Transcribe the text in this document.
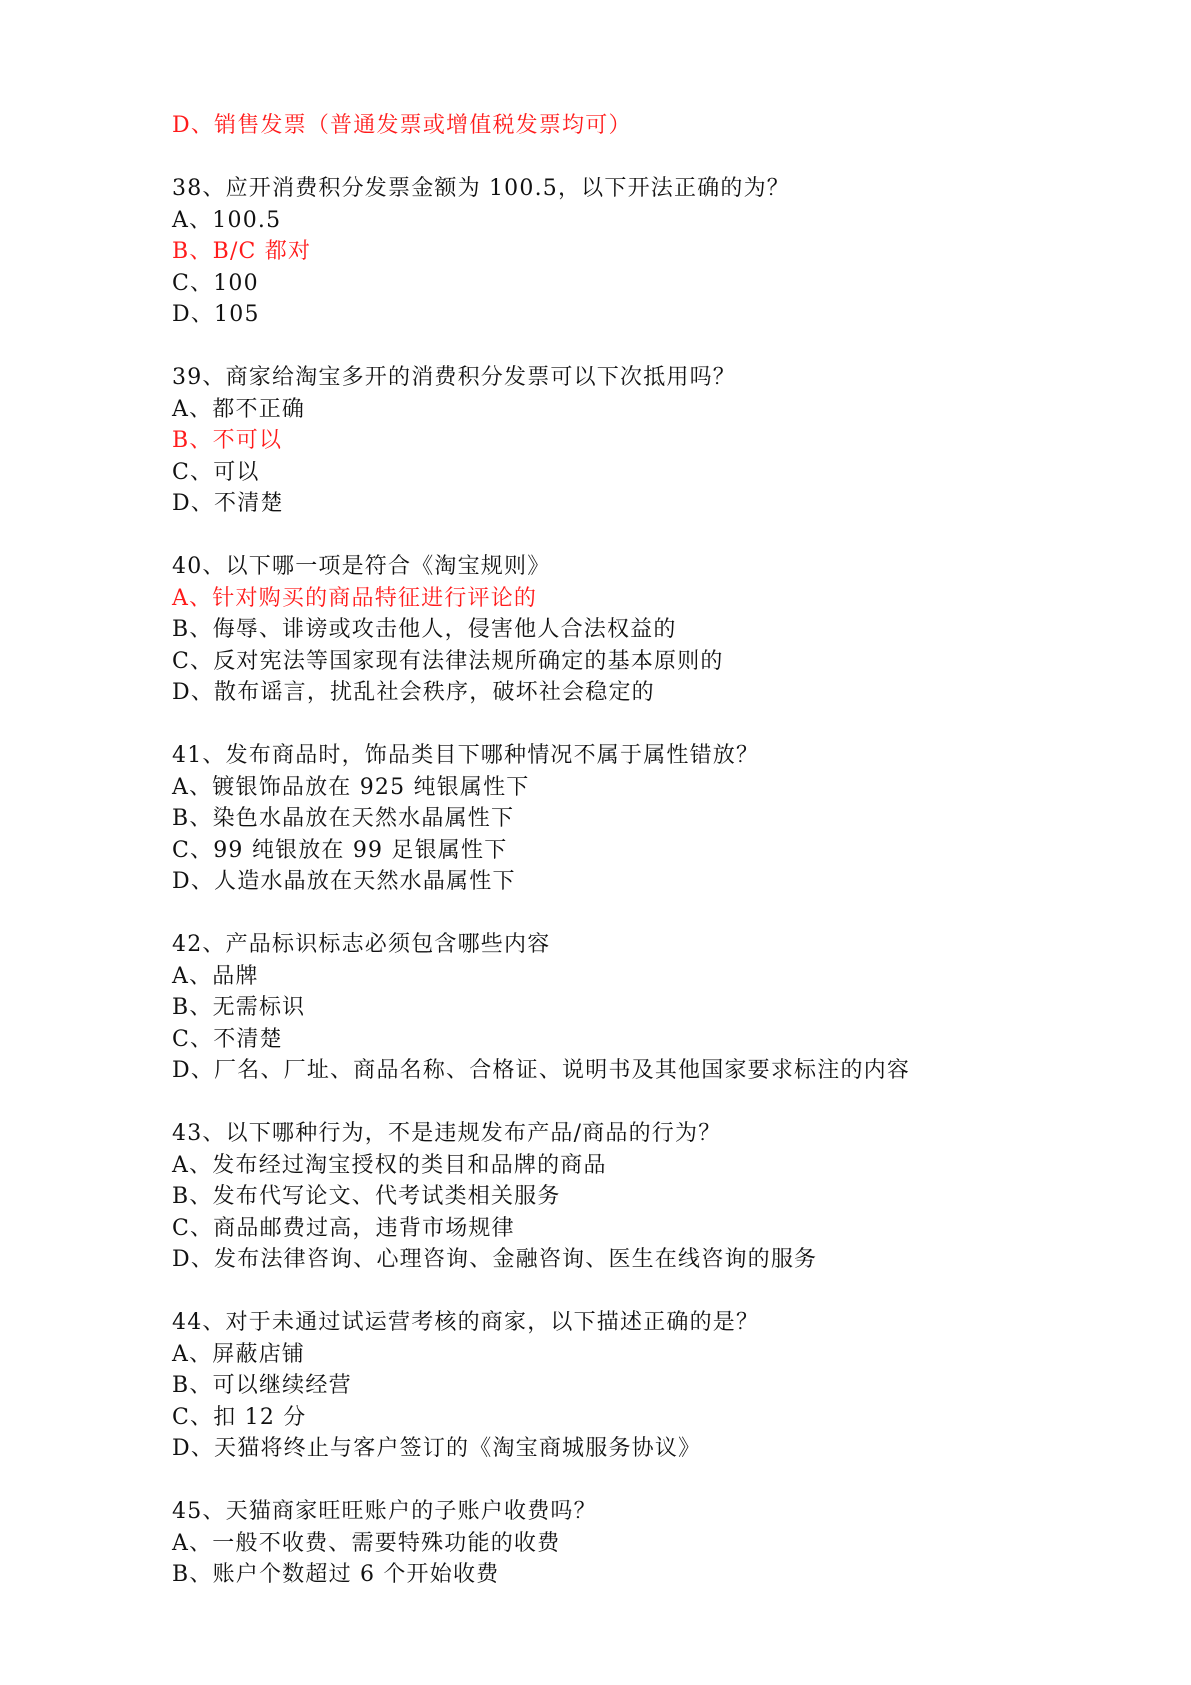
D、销售发票（普通发票或增值税发票均可）
38、应开消费积分发票金额为 100.5，以下开法正确的为？
A、100.5
B、B/C 都对
C、100
D、105
39、商家给淘宝多开的消费积分发票可以下次抵用吗？
A、都不正确
B、不可以
C、可以
D、不清楚
40、以下哪一项是符合《淘宝规则》
A、针对购买的商品特征进行评论的
B、侮辱、诽谤或攻击他人，侵害他人合法权益的
C、反对宪法等国家现有法律法规所确定的基本原则的
D、散布谣言，扰乱社会秩序，破坏社会稳定的
41、发布商品时，饰品类目下哪种情况不属于属性错放？
A、镀银饰品放在 925 纯银属性下
B、染色水晶放在天然水晶属性下
C、99 纯银放在 99 足银属性下
D、人造水晶放在天然水晶属性下
42、产品标识标志必须包含哪些内容
A、品牌
B、无需标识
C、不清楚
D、厂名、厂址、商品名称、合格证、说明书及其他国家要求标注的内容
43、以下哪种行为，不是违规发布产品/商品的行为？
A、发布经过淘宝授权的类目和品牌的商品
B、发布代写论文、代考试类相关服务
C、商品邮费过高，违背市场规律
D、发布法律咨询、心理咨询、金融咨询、医生在线咨询的服务
44、对于未通过试运营考核的商家，以下描述正确的是？
A、屏蔽店铺
B、可以继续经营
C、扣 12 分
D、天猫将终止与客户签订的《淘宝商城服务协议》
45、天猫商家旺旺账户的子账户收费吗？
A、一般不收费、需要特殊功能的收费
B、账户个数超过 6 个开始收费
